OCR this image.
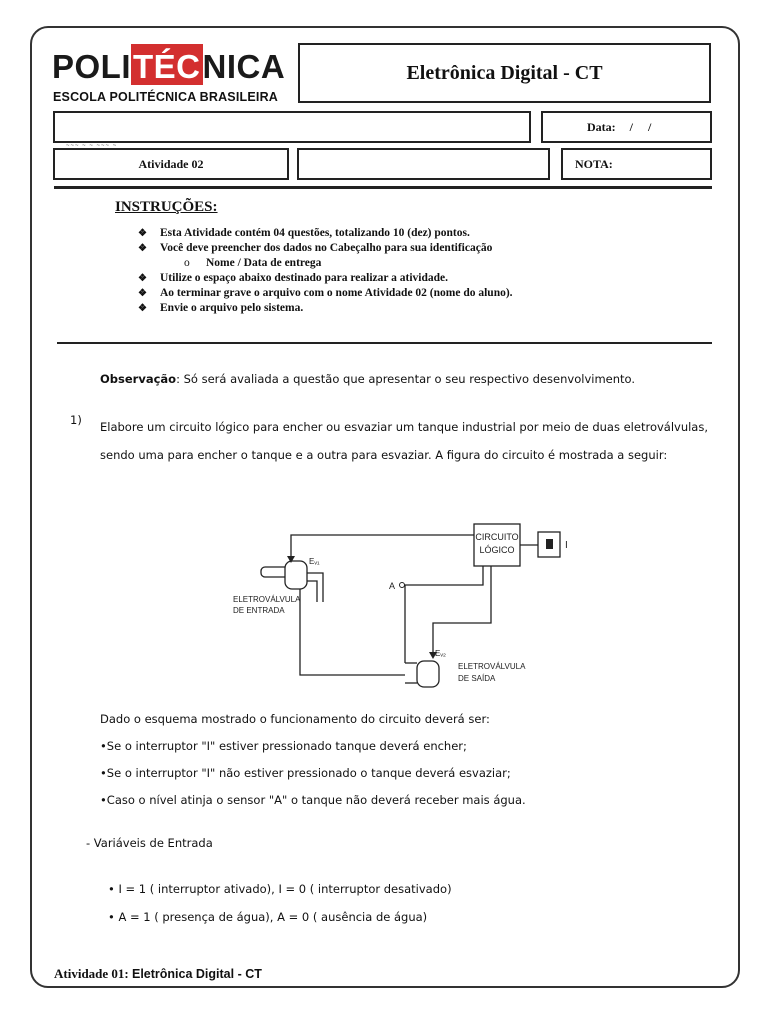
POLITÉCNICA
ESCOLA POLITÉCNICA BRASILEIRA
Eletrônica Digital - CT
Data: /     /
~~~ ~ ~ ~~~ ~
Atividade 02	NOTA:
INSTRUÇÕES:
❖ Esta Atividade contém 04 questões, totalizando 10 (dez) pontos.
❖ Você deve preencher dos dados no Cabeçalho para sua identificação
o Nome / Data de entrega
❖ Utilize o espaço abaixo destinado para realizar a atividade.
❖ Ao terminar grave o arquivo com o nome Atividade 02 (nome do aluno).
❖ Envie o arquivo pelo sistema.
Observação: Só será avaliada a questão que apresentar o seu respectivo desenvolvimento.
1) Elabore um circuito lógico para encher ou esvaziar um tanque industrial por meio de duas eletroválvulas, sendo uma para encher o tanque e a outra para esvaziar. A figura do circuito é mostrada a seguir:
CIRCUITO
LÓGICO	I
A
Eᵥ₁
Eᵥ₂
ELETROVÁLVULA
DE ENTRADA
ELETROVÁLVULA
DE SAÍDA
Dado o esquema mostrado o funcionamento do circuito deverá ser:
•Se o interruptor "I" estiver pressionado tanque deverá encher;
•Se o interruptor "I" não estiver pressionado o tanque deverá esvaziar;
•Caso o nível atinja o sensor "A" o tanque não deverá receber mais água.
- Variáveis de Entrada
• I = 1 ( interruptor ativado), I = 0 ( interruptor desativado)
• A = 1 ( presença de água), A = 0 ( ausência de água)
Atividade 01: Eletrônica Digital - CT
